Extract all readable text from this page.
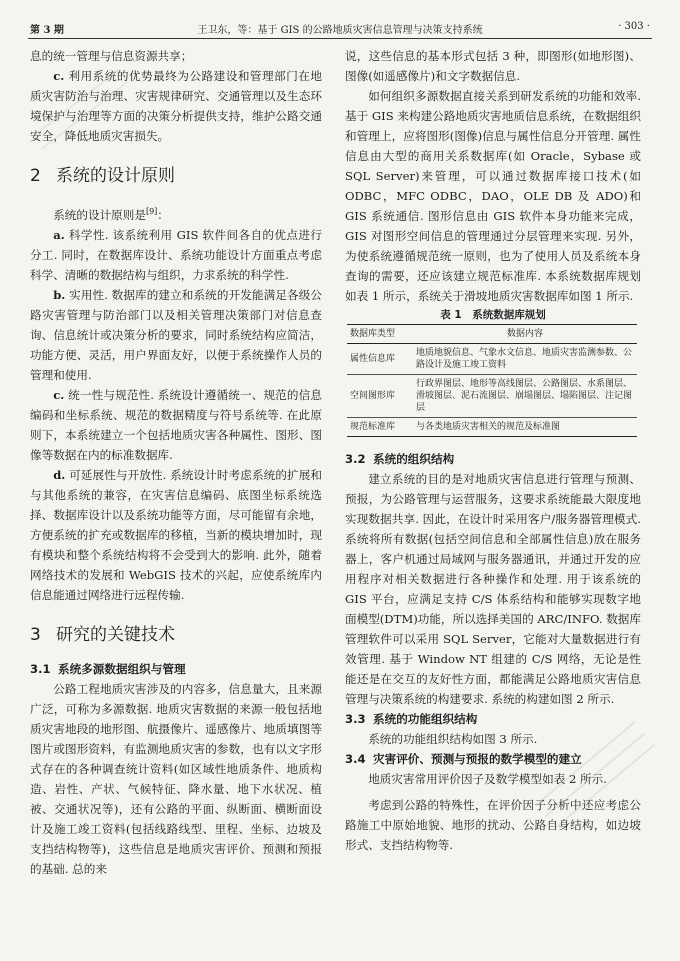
第 3 期	王卫东，等：基于 GIS 的公路地质灾害信息管理与决策支持系统	· 303 ·

息的统一管理与信息资源共享；

c. 利用系统的优势最终为公路建设和管理部门在地质灾害防治与治理、灾害规律研究、交通管理以及生态环境保护与治理等方面的决策分析提供支持，维护公路交通安全，降低地质灾害损失。

2 系统的设计原则

系统的设计原则是[9]：

a. 科学性. 该系统利用 GIS 软件间各自的优点进行分工. 同时，在数据库设计、系统功能设计方面重点考虑科学、清晰的数据结构与组织，力求系统的科学性.

b. 实用性. 数据库的建立和系统的开发能满足各级公路灾害管理与防治部门以及相关管理决策部门对信息查询、信息统计或决策分析的要求，同时系统结构应简洁，功能方便、灵活，用户界面友好，以便于系统操作人员的管理和使用.

c. 统一性与规范性. 系统设计遵循统一、规范的信息编码和坐标系统、规范的数据精度与符号系统等. 在此原则下，本系统建立一个包括地质灾害各种属性、图形、图像等数据在内的标准数据库.

d. 可延展性与开放性. 系统设计时考虑系统的扩展和与其他系统的兼容，在灾害信息编码、底图坐标系统选择、数据库设计以及系统功能等方面，尽可能留有余地，方便系统的扩充或数据库的移植，当新的模块增加时，现有模块和整个系统结构将不会受到大的影响. 此外，随着网络技术的发展和 WebGIS 技术的兴起，应使系统库内信息能通过网络进行远程传输.

3 研究的关键技术
3.1 系统多源数据组织与管理

公路工程地质灾害涉及的内容多，信息量大，且来源广泛，可称为多源数据. 地质灾害数据的来源一般包括地质灾害地段的地形图、航摄像片、遥感像片、地质填图等图片或图形资料，有监测地质灾害的参数，也有以文字形式存在的各种调查统计资料(如区域性地质条件、地质构造、岩性、产状、气候特征、降水量、地下水状况、植被、交通状况等)，还有公路的平面、纵断面、横断面设计及施工竣工资料(包括线路线型、里程、坐标、边坡及支挡结构物等)，这些信息是地质灾害评价、预测和预报的基础. 总的来

说，这些信息的基本形式包括 3 种，即图形(如地形图)、图像(如遥感像片)和文字数据信息.

如何组织多源数据直接关系到研发系统的功能和效率. 基于 GIS 来构建公路地质灾害地质信息系统，在数据组织和管理上，应将图形(图像)信息与属性信息分开管理. 属性信息由大型的商用关系数据库(如 Oracle，Sybase 或 SQL Server)来管理，可以通过数据库接口技术(如 ODBC，MFC ODBC，DAO，OLE DB 及 ADO)和 GIS 系统通信. 图形信息由 GIS 软件本身功能来完成，GIS 对图形空间信息的管理通过分层管理来实现. 另外，为使系统遵循规范统一原则，也为了使用人员及系统本身查询的需要，还应该建立规范标准库. 本系统数据库规划如表 1 所示，系统关于滑坡地质灾害数据库如图 1 所示.

表 1　系统数据库规划
数据库类型	数据内容
属性信息库	地质地貌信息、气象水文信息、地质灾害监测参数、公路设计及施工竣工资料
空间图形库	行政界图层、地形等高线图层、公路图层、水系图层、滑坡图层、泥石流图层、崩塌图层、塌陷图层、注记图层
规范标准库	与各类地质灾害相关的规范及标准图
3.2 系统的组织结构

建立系统的目的是对地质灾害信息进行管理与预测、预报，为公路管理与运营服务，这要求系统能最大限度地实现数据共享. 因此，在设计时采用客户/服务器管理模式. 系统将所有数据(包括空间信息和全部属性信息)放在服务器上，客户机通过局域网与服务器通讯，并通过开发的应用程序对相关数据进行各种操作和处理. 用于该系统的 GIS 平台，应满足支持 C/S 体系结构和能够实现数字地面模型(DTM)功能，所以选择美国的 ARC/INFO. 数据库管理软件可以采用 SQL Server，它能对大量数据进行有效管理. 基于 Window NT 组建的 C/S 网络，无论是性能还是在交互的友好性方面，都能满足公路地质灾害信息管理与决策系统的构建要求. 系统的构建如图 2 所示.

3.3 系统的功能组织结构

系统的功能组织结构如图 3 所示.

3.4 灾害评价、预测与预报的数学模型的建立

地质灾害常用评价因子及数学模型如表 2 所示.

考虑到公路的特殊性，在评价因子分析中还应考虑公路施工中原始地貌、地形的扰动、公路自身结构，如边坡形式、支挡结构物等.
